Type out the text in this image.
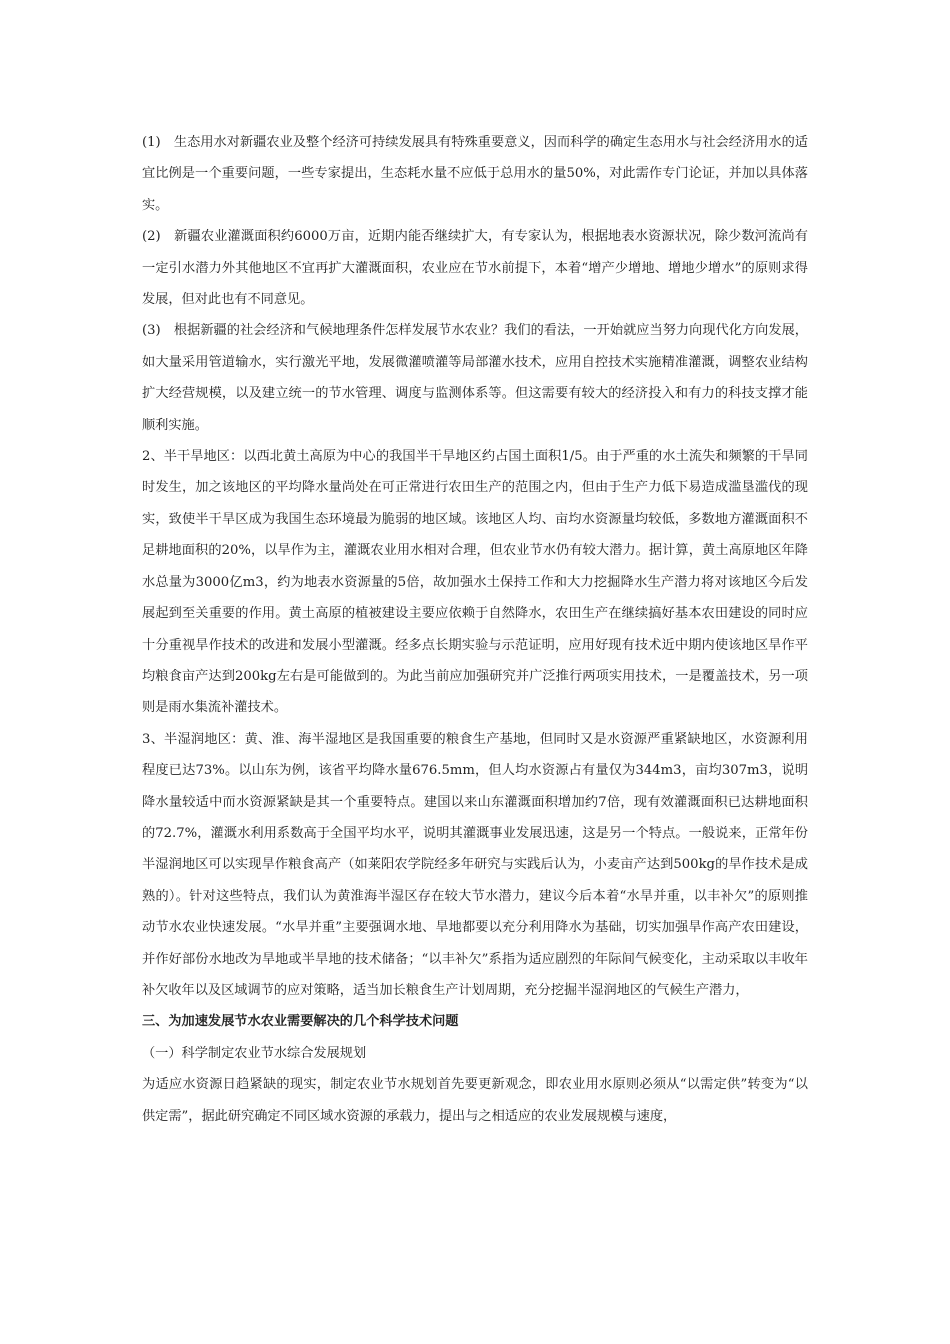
(1)　生态用水对新疆农业及整个经济可持续发展具有特殊重要意义，因而科学的确定生态用水与社会经济用水的适宜比例是一个重要问题，一些专家提出，生态耗水量不应低于总用水的量50%，对此需作专门论证，并加以具体落实。

(2)　新疆农业灌溉面积约6000万亩，近期内能否继续扩大，有专家认为，根据地表水资源状况，除少数河流尚有一定引水潜力外其他地区不宜再扩大灌溉面积，农业应在节水前提下，本着“增产少增地、增地少增水”的原则求得发展，但对此也有不同意见。

(3)　根据新疆的社会经济和气候地理条件怎样发展节水农业？我们的看法，一开始就应当努力向现代化方向发展，如大量采用管道输水，实行激光平地，发展微灌喷灌等局部灌水技术，应用自控技术实施精准灌溉，调整农业结构扩大经营规模，以及建立统一的节水管理、调度与监测体系等。但这需要有较大的经济投入和有力的科技支撑才能顺利实施。

2、半干旱地区：以西北黄土高原为中心的我国半干旱地区约占国土面积1/5。由于严重的水土流失和频繁的干旱同时发生，加之该地区的平均降水量尚处在可正常进行农田生产的范围之内，但由于生产力低下易造成滥垦滥伐的现实，致使半干旱区成为我国生态环境最为脆弱的地区域。该地区人均、亩均水资源量均较低，多数地方灌溉面积不足耕地面积的20%，以旱作为主，灌溉农业用水相对合理，但农业节水仍有较大潜力。据计算，黄土高原地区年降水总量为3000亿m3，约为地表水资源量的5倍，故加强水土保持工作和大力挖掘降水生产潜力将对该地区今后发展起到至关重要的作用。黄土高原的植被建设主要应依赖于自然降水，农田生产在继续搞好基本农田建设的同时应十分重视旱作技术的改进和发展小型灌溉。经多点长期实验与示范证明，应用好现有技术近中期内使该地区旱作平均粮食亩产达到200kg左右是可能做到的。为此当前应加强研究并广泛推行两项实用技术，一是覆盖技术，另一项则是雨水集流补灌技术。

3、半湿润地区：黄、淮、海半湿地区是我国重要的粮食生产基地，但同时又是水资源严重紧缺地区，水资源利用程度已达73%。以山东为例，该省平均降水量676.5mm，但人均水资源占有量仅为344m3，亩均307m3，说明降水量较适中而水资源紧缺是其一个重要特点。建国以来山东灌溉面积增加约7倍，现有效灌溉面积已达耕地面积的72.7%，灌溉水利用系数高于全国平均水平，说明其灌溉事业发展迅速，这是另一个特点。一般说来，正常年份半湿润地区可以实现旱作粮食高产（如莱阳农学院经多年研究与实践后认为，小麦亩产达到500kg的旱作技术是成熟的）。针对这些特点，我们认为黄淮海半湿区存在较大节水潜力，建议今后本着“水旱并重，以丰补欠”的原则推动节水农业快速发展。“水旱并重”主要强调水地、旱地都要以充分利用降水为基础，切实加强旱作高产农田建设，并作好部份水地改为旱地或半旱地的技术储备；“以丰补欠”系指为适应剧烈的年际间气候变化，主动采取以丰收年补欠收年以及区域调节的应对策略，适当加长粮食生产计划周期，充分挖掘半湿润地区的气候生产潜力，

三、为加速发展节水农业需要解决的几个科学技术问题

（一）科学制定农业节水综合发展规划

为适应水资源日趋紧缺的现实，制定农业节水规划首先要更新观念，即农业用水原则必须从“以需定供”转变为“以供定需”，据此研究确定不同区域水资源的承载力，提出与之相适应的农业发展规模与速度，
